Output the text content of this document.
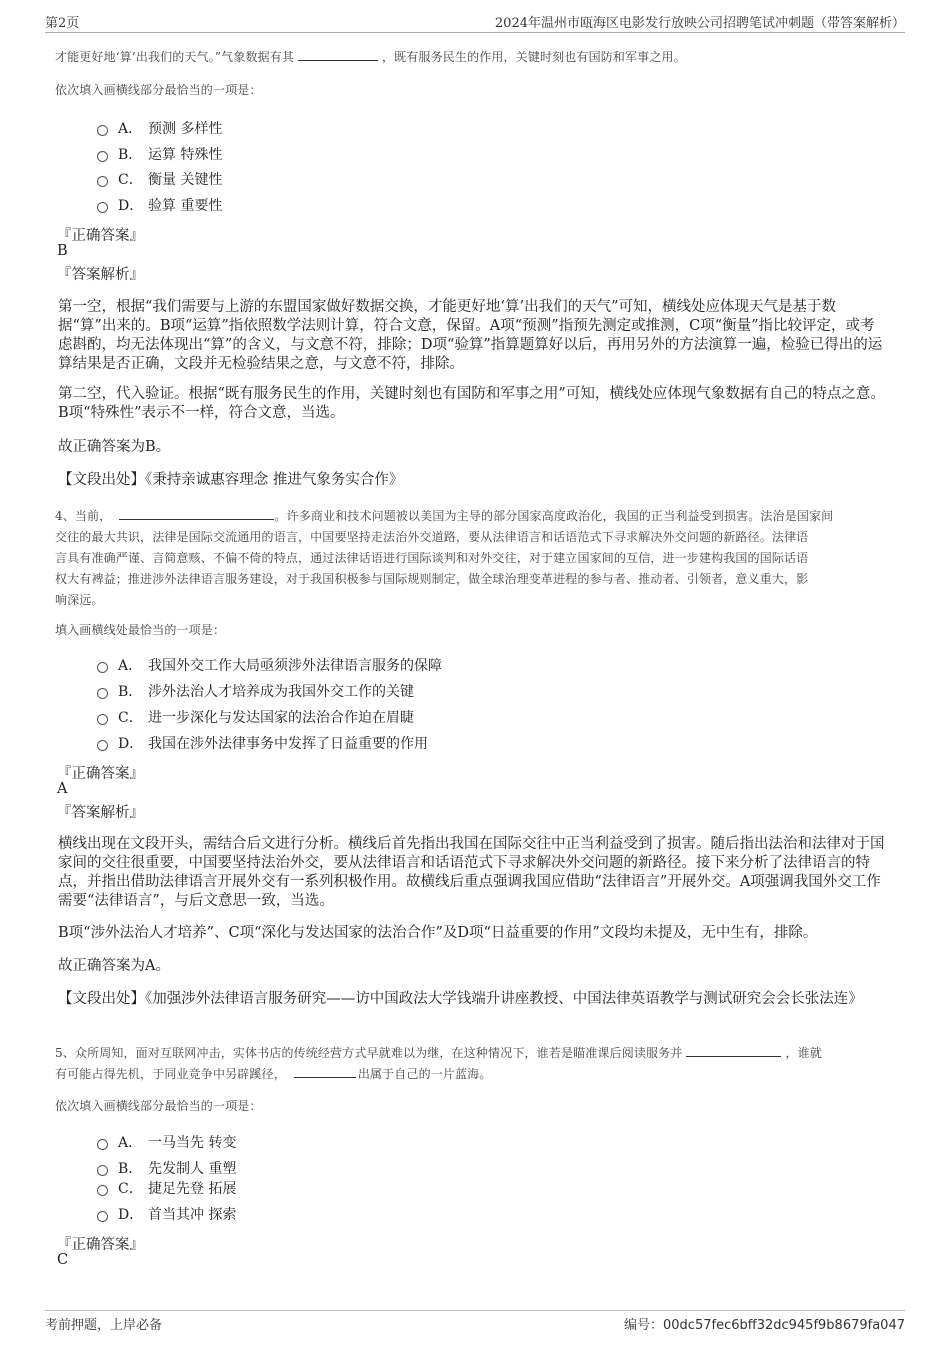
第2页	2024年温州市瓯海区电影发行放映公司招聘笔试冲刺题（带答案解析）
才能更好地‘算’出我们的天气。”气象数据有其	，既有服务民生的作用，关键时刻也有国防和军事之用。
依次填入画横线部分最恰当的一项是：
A． 预测 多样性
B． 运算 特殊性
C． 衡量 关键性
D． 验算 重要性
『正确答案』
B
『答案解析』
第一空，根据“我们需要与上游的东盟国家做好数据交换，才能更好地‘算’出我们的天气”可知，横线处应体现天气是基于数据“算”出来的。B项“运算”指依照数学法则计算，符合文意，保留。A项“预测”指预先测定或推测，C项“衡量”指比较评定，或考虑斟酌，均无法体现出“算”的含义，与文意不符，排除；D项“验算”指算题算好以后，再用另外的方法演算一遍，检验已得出的运算结果是否正确，文段并无检验结果之意，与文意不符，排除。
第二空，代入验证。根据“既有服务民生的作用，关键时刻也有国防和军事之用”可知，横线处应体现气象数据有自己的特点之意。B项“特殊性”表示不一样，符合文意，当选。
故正确答案为B。
【文段出处】《秉持亲诚惠容理念 推进气象务实合作》
4、当前，	。许多商业和技术问题被以美国为主导的部分国家高度政治化，我国的正当利益受到损害。法治是国家间
交往的最大共识，法律是国际交流通用的语言，中国要坚持走法治外交道路，要从法律语言和话语范式下寻求解决外交问题的新路径。法律语
言具有准确严谨、言简意赅、不偏不倚的特点，通过法律话语进行国际谈判和对外交往，对于建立国家间的互信，进一步建构我国的国际话语
权大有裨益；推进涉外法律语言服务建设，对于我国积极参与国际规则制定，做全球治理变革进程的参与者、推动者、引领者，意义重大，影
响深远。
填入画横线处最恰当的一项是：
A． 我国外交工作大局亟须涉外法律语言服务的保障
B． 涉外法治人才培养成为我国外交工作的关键
C． 进一步深化与发达国家的法治合作迫在眉睫
D． 我国在涉外法律事务中发挥了日益重要的作用
『正确答案』
A
『答案解析』
横线出现在文段开头，需结合后文进行分析。横线后首先指出我国在国际交往中正当利益受到了损害。随后指出法治和法律对于国家间的交往很重要，中国要坚持法治外交，要从法律语言和话语范式下寻求解决外交问题的新路径。接下来分析了法律语言的特点，并指出借助法律语言开展外交有一系列积极作用。故横线后重点强调我国应借助“法律语言”开展外交。A项强调我国外交工作需要“法律语言”，与后文意思一致，当选。
B项“涉外法治人才培养”、C项“深化与发达国家的法治合作”及D项“日益重要的作用”文段均未提及，无中生有，排除。
故正确答案为A。
【文段出处】《加强涉外法律语言服务研究——访中国政法大学钱端升讲座教授、中国法律英语教学与测试研究会会长张法连》
5、众所周知，面对互联网冲击，实体书店的传统经营方式早就难以为继，在这种情况下，谁若是瞄准课后阅读服务并	，谁就
有可能占得先机，于同业竞争中另辟蹊径，	出属于自己的一片蓝海。
依次填入画横线部分最恰当的一项是：
A． 一马当先 转变
B． 先发制人 重塑
C． 捷足先登 拓展
D． 首当其冲 探索
『正确答案』
C
考前押题，上岸必备	编号：00dc57fec6bff32dc945f9b8679fa047
